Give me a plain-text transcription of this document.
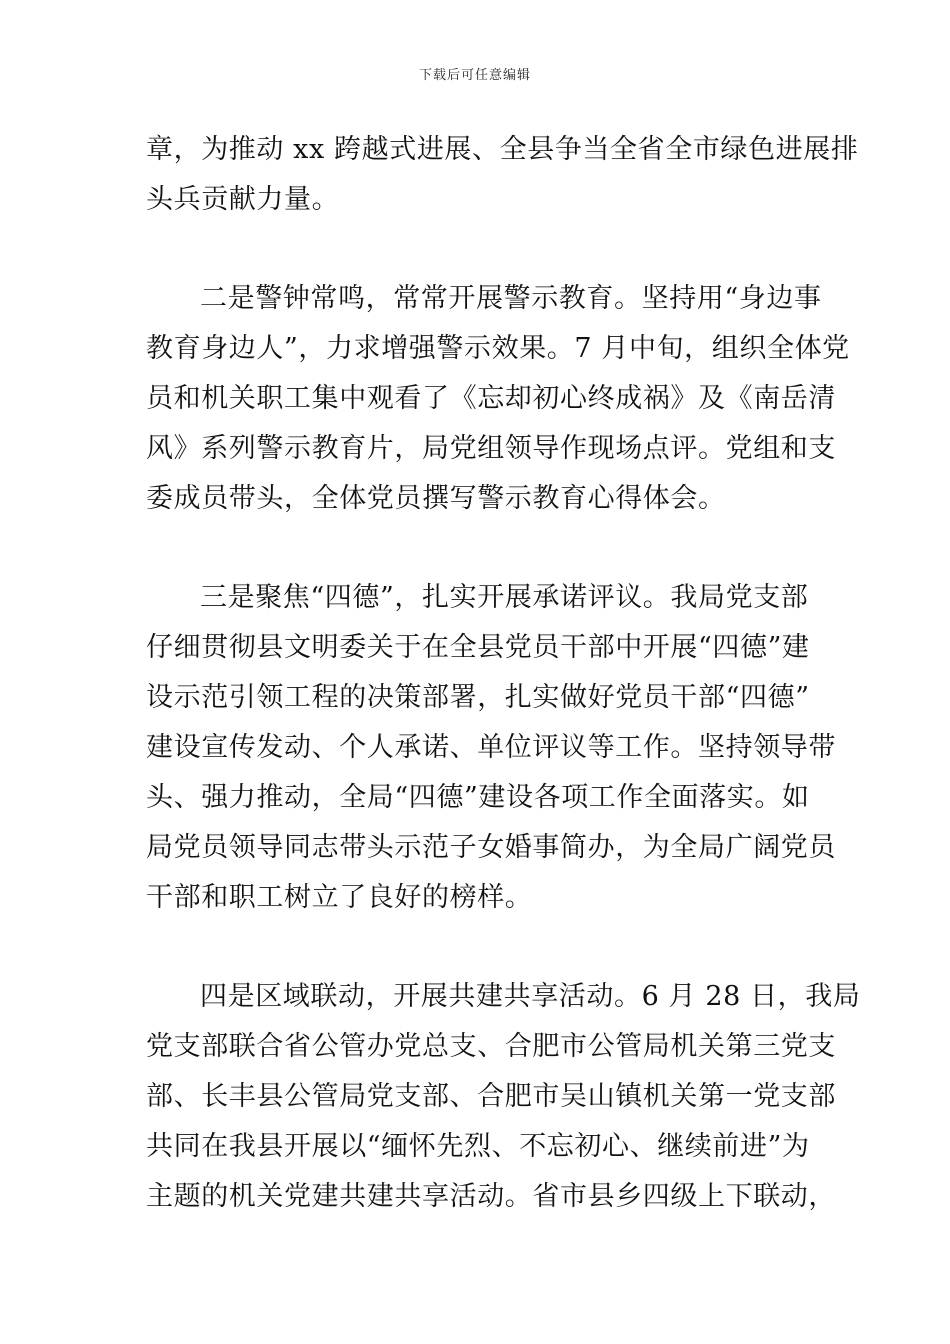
下载后可任意编辑
章，为推动 xx 跨越式进展、全县争当全省全市绿色进展排
头兵贡献力量。
二是警钟常鸣，常常开展警示教育。坚持用“身边事
教育身边人”，力求增强警示效果。7 月中旬，组织全体党
员和机关职工集中观看了《忘却初心终成祸》及《南岳清
风》系列警示教育片，局党组领导作现场点评。党组和支
委成员带头，全体党员撰写警示教育心得体会。
三是聚焦“四德”，扎实开展承诺评议。我局党支部
仔细贯彻县文明委关于在全县党员干部中开展“四德”建
设示范引领工程的决策部署，扎实做好党员干部“四德”
建设宣传发动、个人承诺、单位评议等工作。坚持领导带
头、强力推动，全局“四德”建设各项工作全面落实。如
局党员领导同志带头示范子女婚事简办，为全局广阔党员
干部和职工树立了良好的榜样。
四是区域联动，开展共建共享活动。6 月 28 日，我局
党支部联合省公管办党总支、合肥市公管局机关第三党支
部、长丰县公管局党支部、合肥市吴山镇机关第一党支部
共同在我县开展以“缅怀先烈、不忘初心、继续前进”为
主题的机关党建共建共享活动。省市县乡四级上下联动，
